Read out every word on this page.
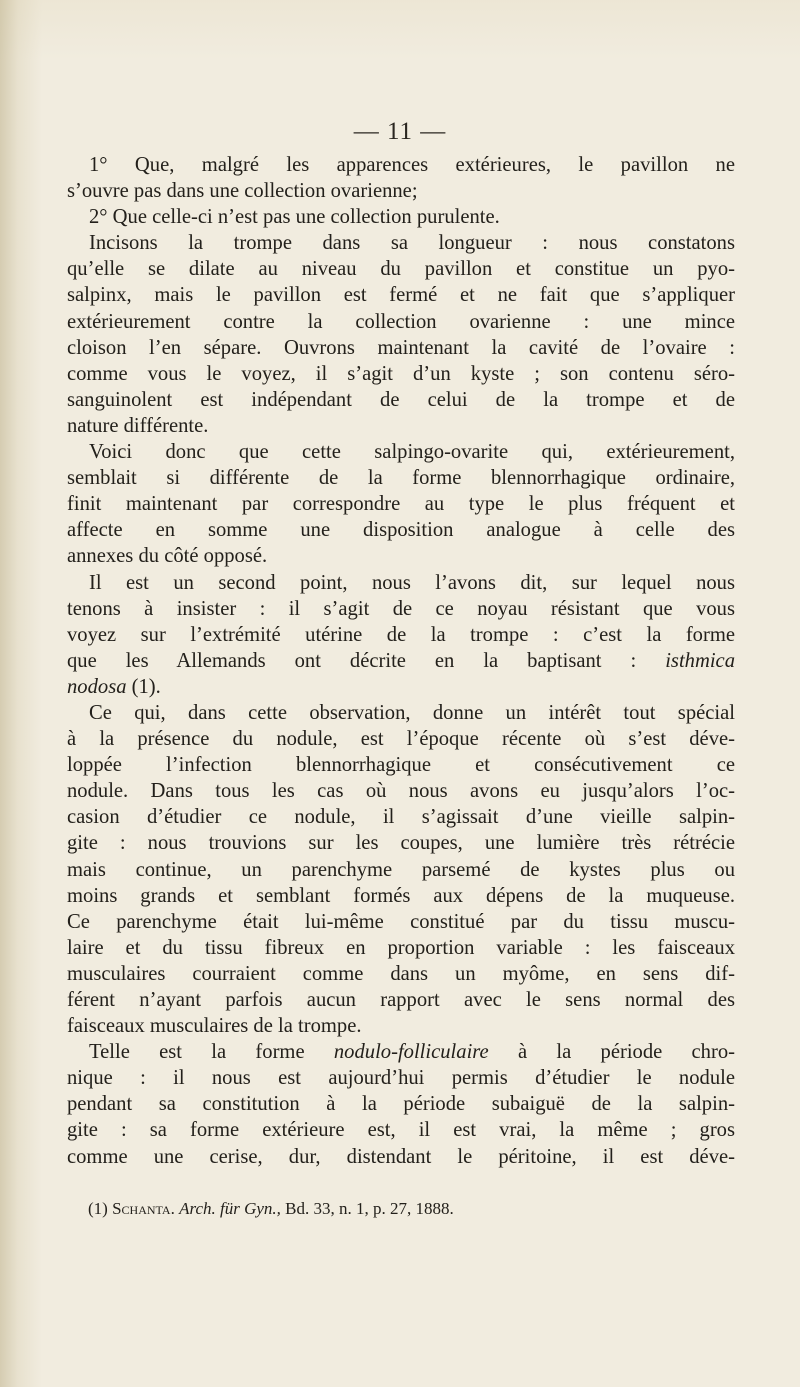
— 11 —
1° Que, malgré les apparences extérieures, le pavillon ne
s’ouvre pas dans une collection ovarienne;
2° Que celle-ci n’est pas une collection purulente.
Incisons la trompe dans sa longueur : nous constatons
qu’elle se dilate au niveau du pavillon et constitue un pyo-
salpinx, mais le pavillon est fermé et ne fait que s’appliquer
extérieurement contre la collection ovarienne : une mince
cloison l’en sépare. Ouvrons maintenant la cavité de l’ovaire :
comme vous le voyez, il s’agit d’un kyste ; son contenu séro-
sanguinolent est indépendant de celui de la trompe et de
nature différente.
Voici donc que cette salpingo-ovarite qui, extérieurement,
semblait si différente de la forme blennorrhagique ordinaire,
finit maintenant par correspondre au type le plus fréquent et
affecte en somme une disposition analogue à celle des
annexes du côté opposé.
Il est un second point, nous l’avons dit, sur lequel nous
tenons à insister : il s’agit de ce noyau résistant que vous
voyez sur l’extrémité utérine de la trompe : c’est la forme
que les Allemands ont décrite en la baptisant : isthmica
nodosa (1).
Ce qui, dans cette observation, donne un intérêt tout spécial
à la présence du nodule, est l’époque récente où s’est déve-
loppée l’infection blennorrhagique et consécutivement ce
nodule. Dans tous les cas où nous avons eu jusqu’alors l’oc-
casion d’étudier ce nodule, il s’agissait d’une vieille salpin-
gite : nous trouvions sur les coupes, une lumière très rétrécie
mais continue, un parenchyme parsemé de kystes plus ou
moins grands et semblant formés aux dépens de la muqueuse.
Ce parenchyme était lui-même constitué par du tissu muscu-
laire et du tissu fibreux en proportion variable : les faisceaux
musculaires courraient comme dans un myôme, en sens dif-
férent n’ayant parfois aucun rapport avec le sens normal des
faisceaux musculaires de la trompe.
Telle est la forme nodulo-folliculaire à la période chro-
nique : il nous est aujourd’hui permis d’étudier le nodule
pendant sa constitution à la période subaiguë de la salpin-
gite : sa forme extérieure est, il est vrai, la même ; gros
comme une cerise, dur, distendant le péritoine, il est déve-
(1) Schanta. Arch. für Gyn., Bd. 33, n. 1, p. 27, 1888.
